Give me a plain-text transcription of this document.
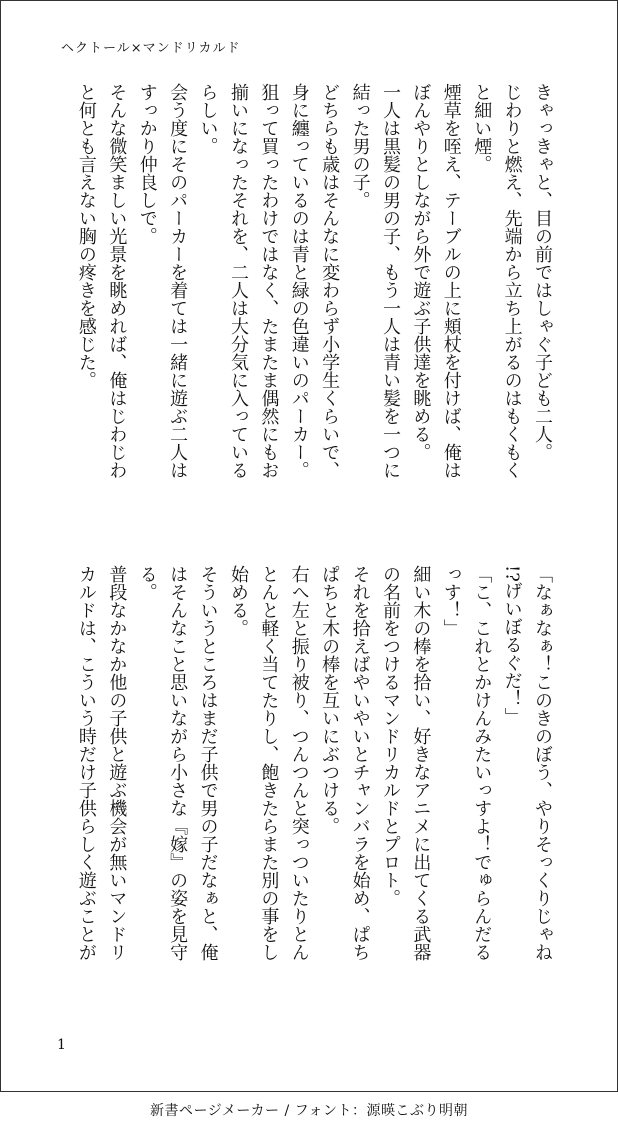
ヘクトール×マンドリカルド
きゃっきゃと、目の前ではしゃぐ子ども二人。
じわりと燃え、先端から立ち上がるのはもくもく
と細い煙。
煙草を咥え、テーブルの上に頬杖を付けば、俺は
ぼんやりとしながら外で遊ぶ子供達を眺める。
一人は黒髪の男の子、もう一人は青い髪を一つに
結った男の子。
どちらも歳はそんなに変わらず小学生くらいで、
身に纏っているのは青と緑の色違いのパーカー。
狙って買ったわけではなく、たまたま偶然にもお
揃いになったそれを、二人は大分気に入っている
らしい。
会う度にそのパーカーを着ては一緒に遊ぶ二人は
すっかり仲良しで。
そんな微笑ましい光景を眺めれば、俺はじわじわ
と何とも言えない胸の疼きを感じた。
「なぁなぁ！このきのぼう、やりそっくりじゃね
!?げいぼるぐだ！」
「こ、これとかけんみたいっすよ！でゅらんだる
っす！」
細い木の棒を拾い、好きなアニメに出てくる武器
の名前をつけるマンドリカルドとプロト。
それを拾えばやいやいとチャンバラを始め、ぱち
ぱちと木の棒を互いにぶつける。
右へ左と振り被り、つんつんと突っついたりとん
とんと軽く当てたりし、飽きたらまた別の事をし
始める。
そういうところはまだ子供で男の子だなぁと、俺
はそんなこと思いながら小さな『嫁』の姿を見守
る。
普段なかなか他の子供と遊ぶ機会が無いマンドリ
カルドは、こういう時だけ子供らしく遊ぶことが
1
新書ページメーカー / フォント：源暎こぶり明朝
